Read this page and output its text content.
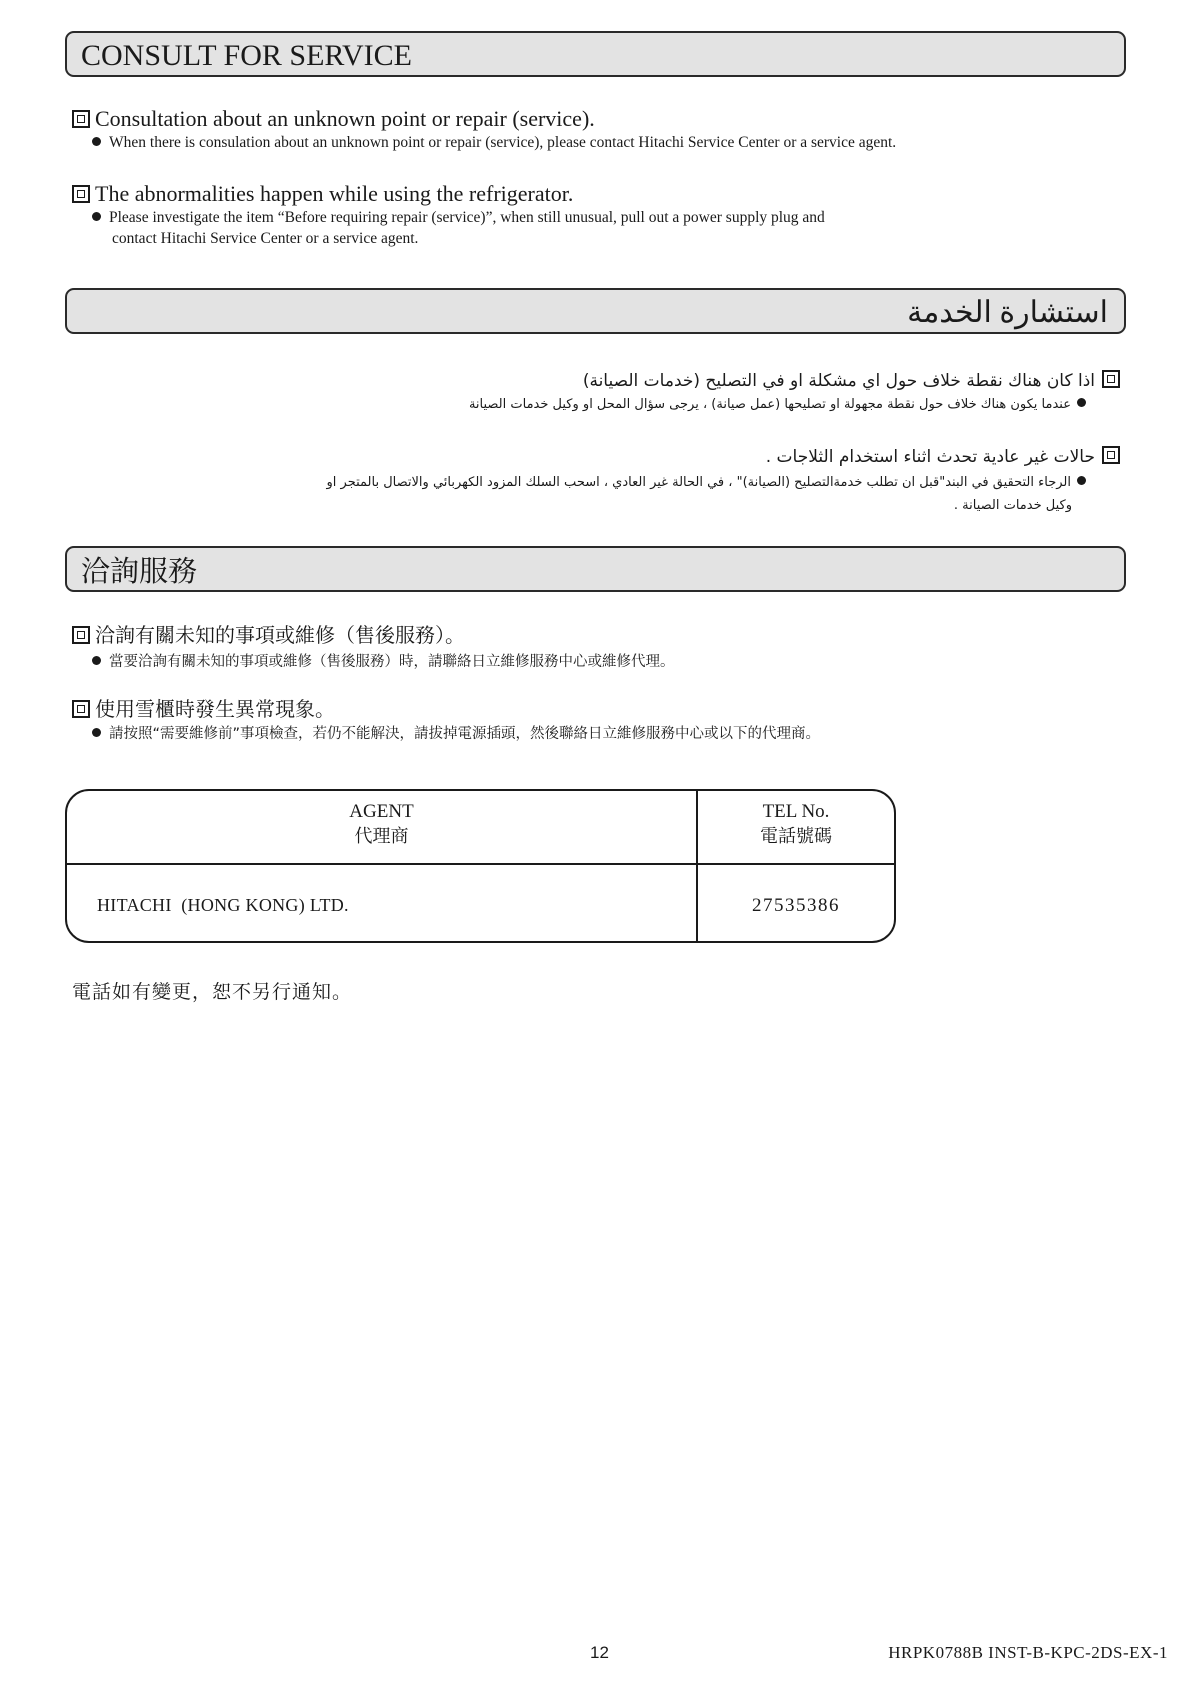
CONSULT FOR SERVICE
Consultation about an unknown point or repair (service).
When there is consulation about an unknown point or repair (service), please contact Hitachi Service Center or a service agent.
The abnormalities happen while using the refrigerator.
Please investigate the item “Before requiring repair (service)”, when still unusual, pull out a power supply plug and
contact Hitachi Service Center or a service agent.
استشارة الخدمة
اذا كان هناك نقطة خلاف حول اي مشكلة او في التصليح (خدمات الصيانة)
عندما يكون هناك خلاف حول نقطة مجهولة او تصليحها (عمل صيانة) ، يرجى سؤال المحل او وكيل خدمات الصيانة
حالات غير عادية تحدث اثناء استخدام الثلاجات .
الرجاء التحقيق في البند"قبل ان تطلب خدمةالتصليح (الصيانة)" ، في الحالة غير العادي ، اسحب السلك المزود الكهربائي والاتصال بالمتجر او
وكيل خدمات الصيانة .
洽詢服務
洽詢有關未知的事項或維修（售後服務）。
當要洽詢有關未知的事項或維修（售後服務）時，請聯絡日立維修服務中心或維修代理。
使用雪櫃時發生異常現象。
請按照“需要維修前”事項檢查，若仍不能解決，請拔掉電源插頭，然後聯絡日立維修服務中心或以下的代理商。
AGENT
代理商
TEL No.
電話號碼
HITACHI  (HONG KONG) LTD.	27535386
電話如有變更，恕不另行通知。
12	HRPK0788B INST-B-KPC-2DS-EX-1
